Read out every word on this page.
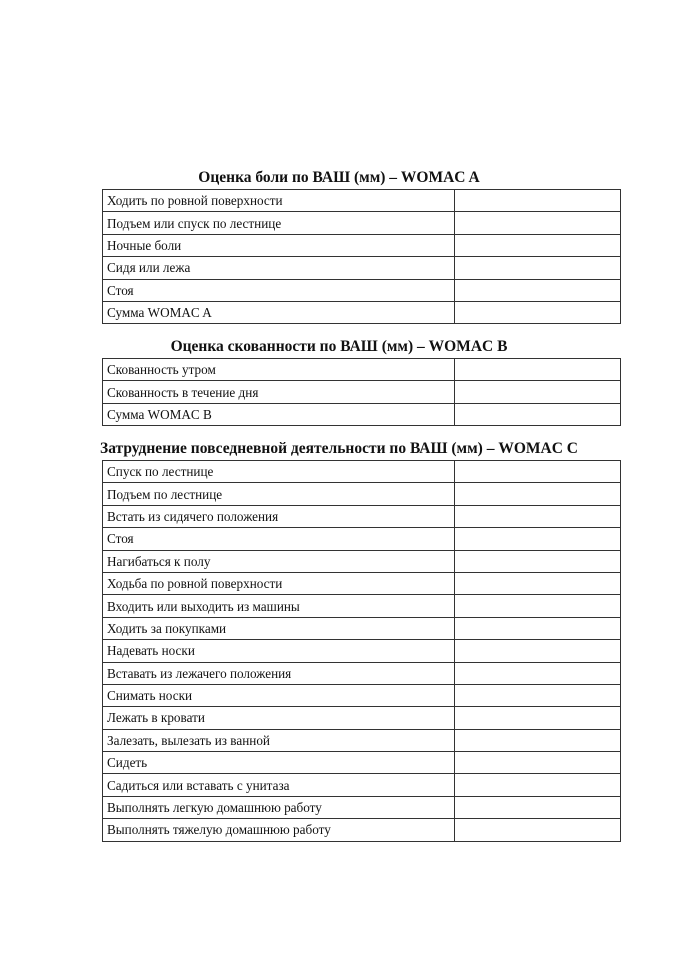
Оценка боли по ВАШ (мм) – WOMAC A
Ходить по ровной поверхности	
Подъем или спуск по лестнице	
Ночные боли	
Сидя или лежа	
Стоя	
Сумма WOMAC A	
Оценка скованности по ВАШ (мм) – WOMAC B
Скованность утром	
Скованность в течение дня	
Сумма WOMAC B	
Затруднение повседневной деятельности по ВАШ (мм) – WOMAC C
Спуск по лестнице	
Подъем по лестнице	
Встать из сидячего положения	
Стоя	
Нагибаться к полу	
Ходьба по ровной поверхности	
Входить или выходить из машины	
Ходить за покупками	
Надевать носки	
Вставать из лежачего положения	
Снимать носки	
Лежать в кровати	
Залезать, вылезать из ванной	
Сидеть	
Садиться или вставать с унитаза	
Выполнять легкую домашнюю работу	
Выполнять тяжелую домашнюю работу	
